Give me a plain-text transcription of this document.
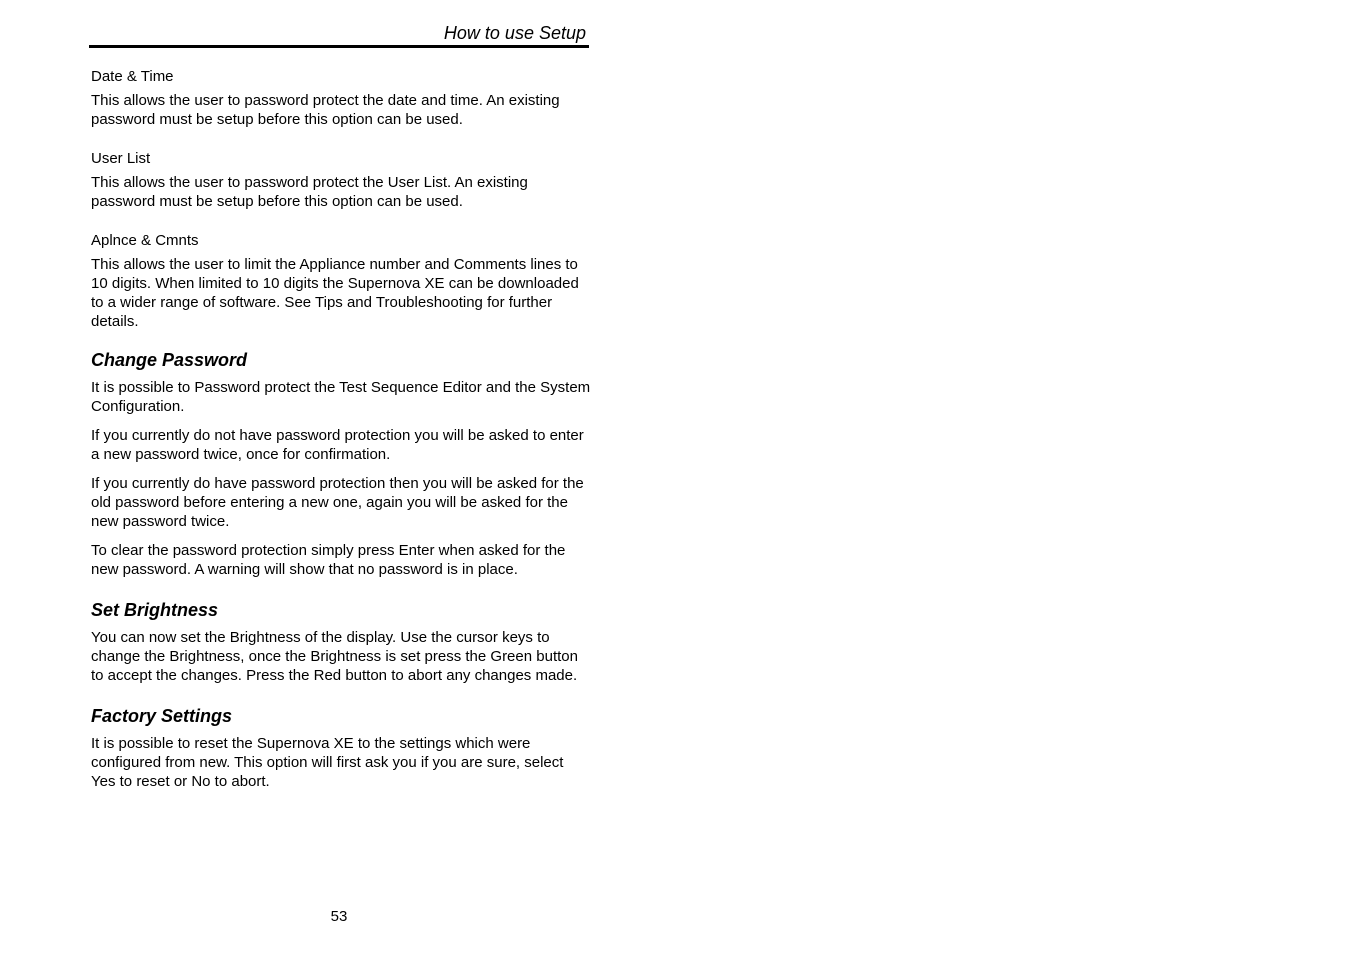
How to use Setup
Date & Time
This allows the user to password protect the date and time. An existing password must be setup before this option can be used.
User List
This allows the user to password protect the User List. An existing password must be setup before this option can be used.
Aplnce & Cmnts
This allows the user to limit the Appliance number and Comments lines to 10 digits. When limited to 10 digits the Supernova XE can be downloaded to a wider range of software. See Tips and Troubleshooting for further details.
Change Password
It is possible to Password protect the Test Sequence Editor and the System Configuration.
If you currently do not have password protection you will be asked to enter a new password twice, once for confirmation.
If you currently do have password protection then you will be asked for the old password before entering a new one, again you will be asked for the new password twice.
To clear the password protection simply press Enter when asked for the new password. A warning will show that no password is in place.
Set Brightness
You can now set the Brightness of the display. Use the cursor keys to change the Brightness, once the Brightness is set press the Green button to accept the changes. Press the Red button to abort any changes made.
Factory Settings
It is possible to reset the Supernova XE to the settings which were configured from new. This option will first ask you if you are sure, select Yes to reset or No to abort.
53
